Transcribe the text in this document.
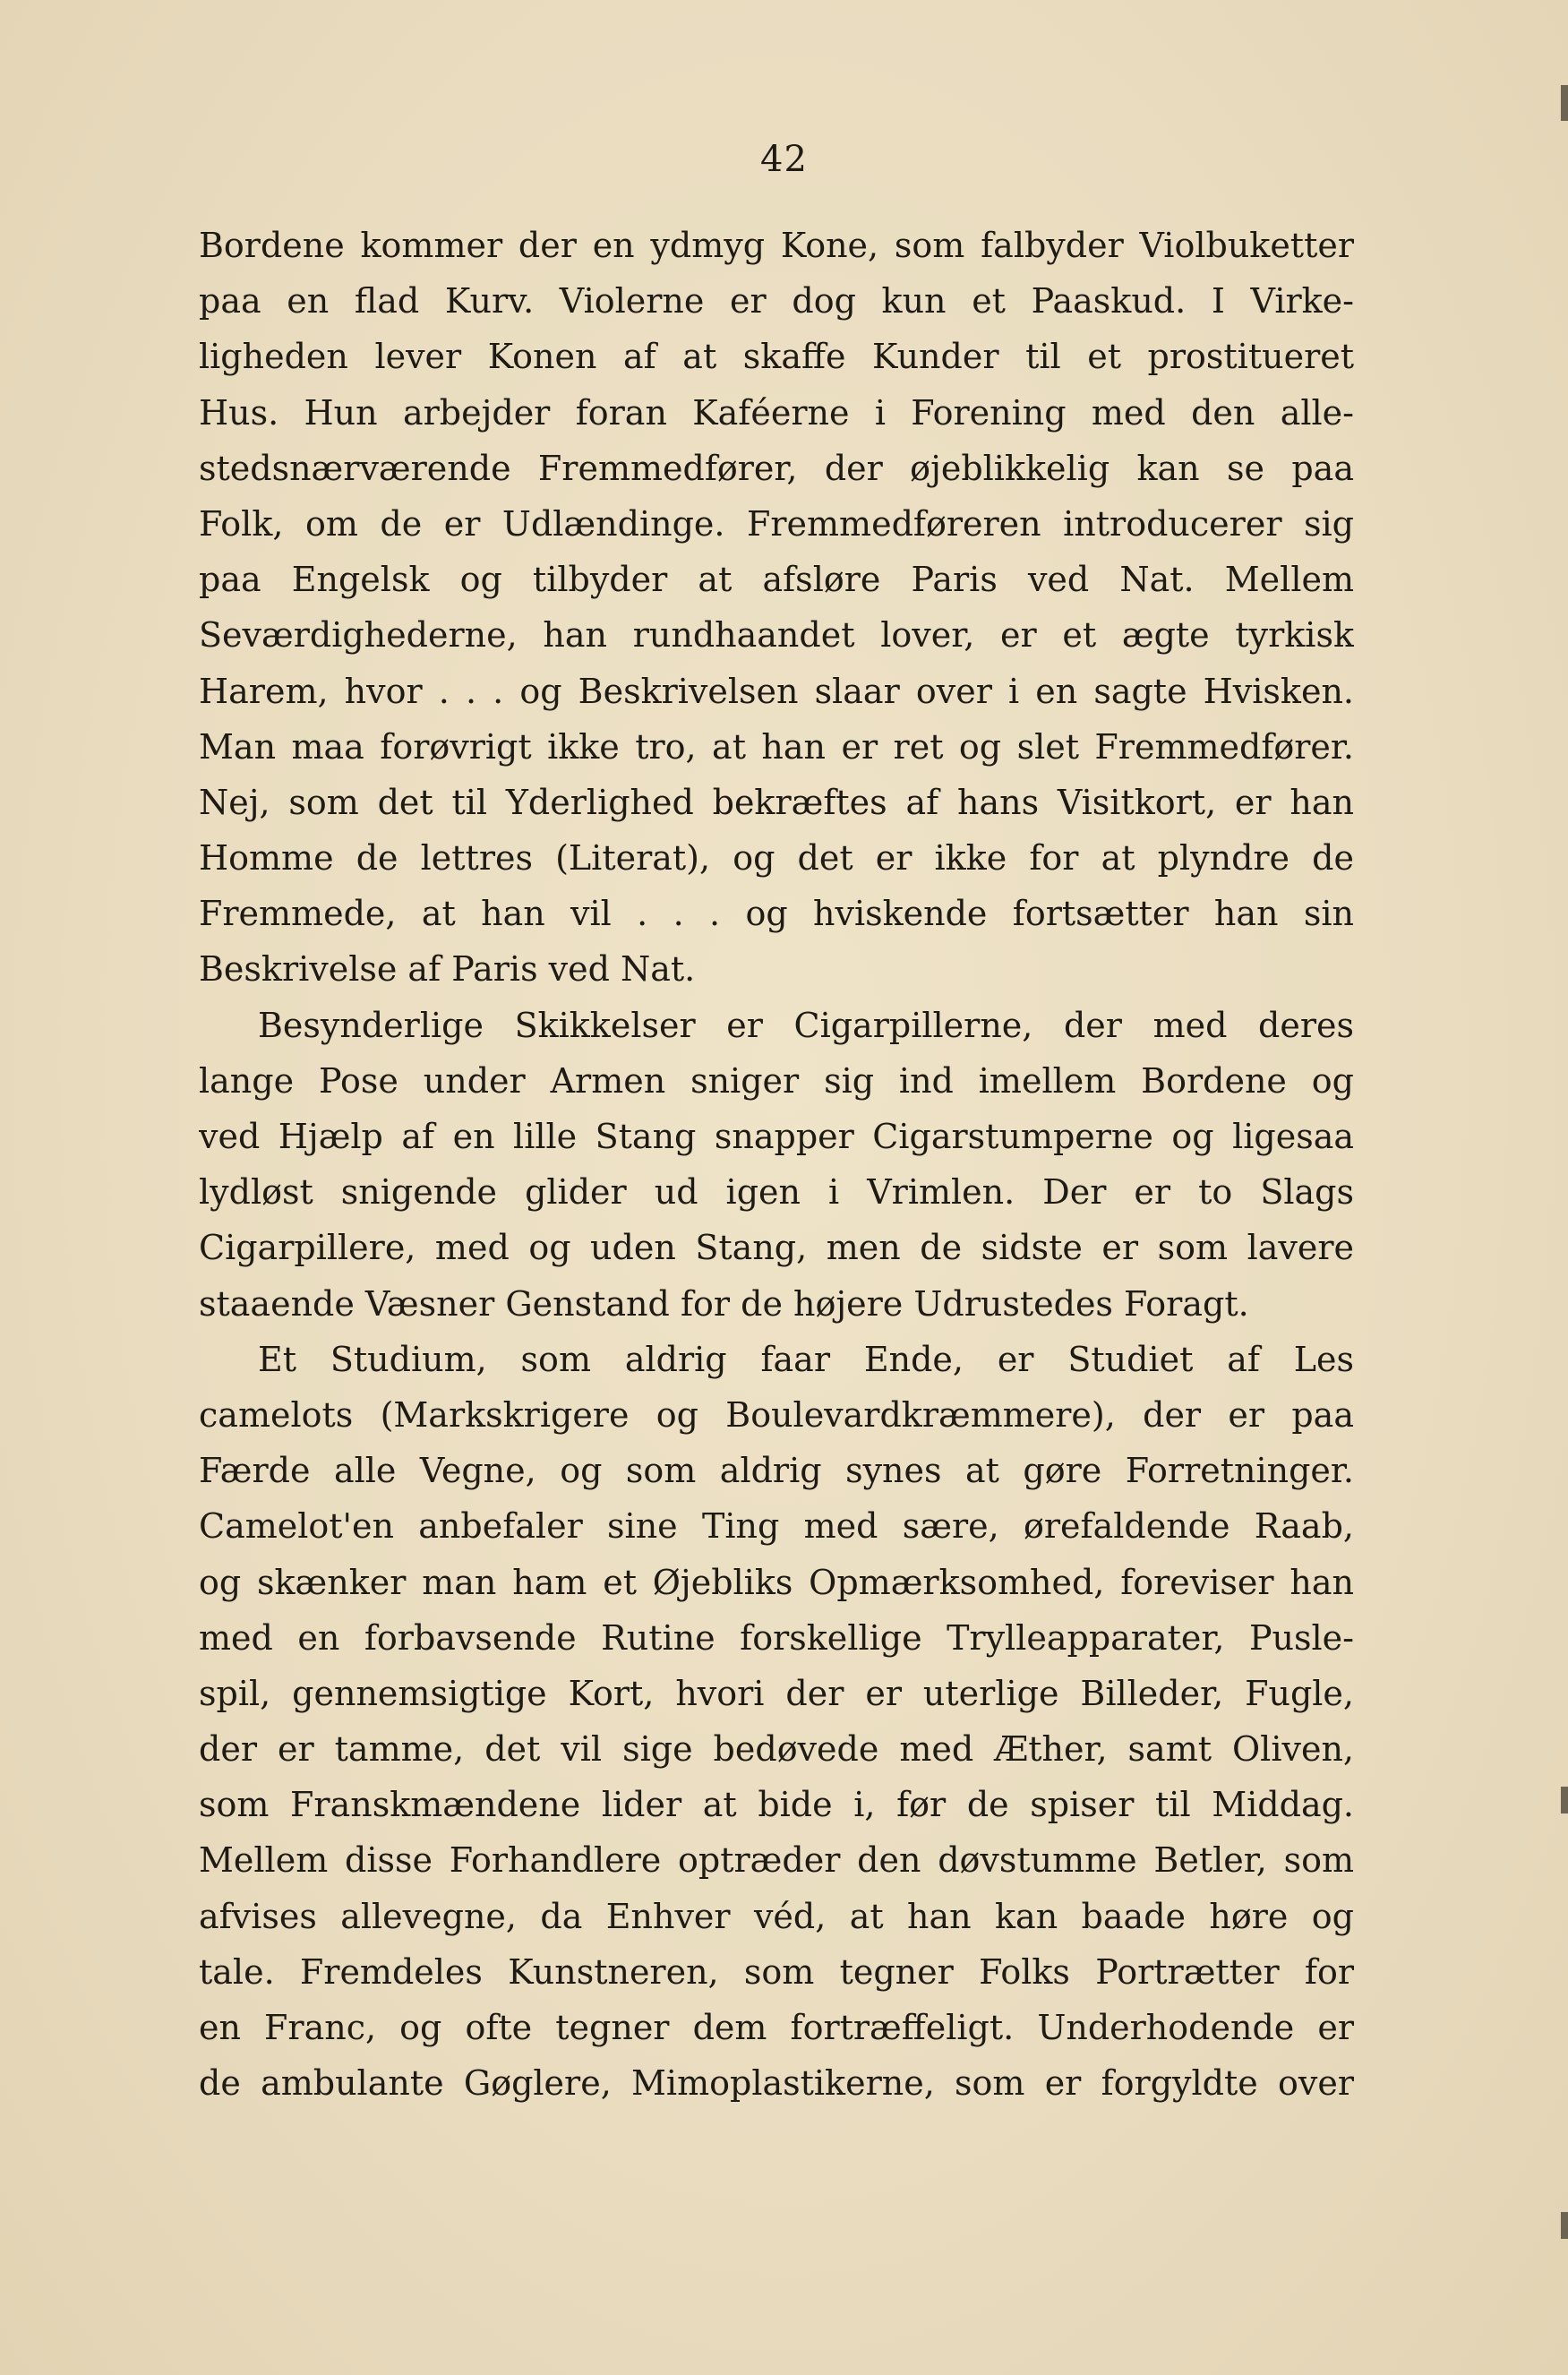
42
Bordene kommer der en ydmyg Kone, som falbyder Violbuketter
paa en flad Kurv. Violerne er dog kun et Paaskud. I Virke-
ligheden lever Konen af at skaffe Kunder til et prostitueret
Hus. Hun arbejder foran Kaféerne i Forening med den alle-
stedsnærværende Fremmedfører, der øjeblikkelig kan se paa
Folk, om de er Udlændinge. Fremmedføreren introducerer sig
paa Engelsk og tilbyder at afsløre Paris ved Nat. Mellem
Seværdighederne, han rundhaandet lover, er et ægte tyrkisk
Harem, hvor . . . og Beskrivelsen slaar over i en sagte Hvisken.
Man maa forøvrigt ikke tro, at han er ret og slet Fremmedfører.
Nej, som det til Yderlighed bekræftes af hans Visitkort, er han
Homme de lettres (Literat), og det er ikke for at plyndre de
Fremmede, at han vil . . . og hviskende fortsætter han sin
Beskrivelse af Paris ved Nat.
Besynderlige Skikkelser er Cigarpillerne, der med deres
lange Pose under Armen sniger sig ind imellem Bordene og
ved Hjælp af en lille Stang snapper Cigarstumperne og ligesaa
lydløst snigende glider ud igen i Vrimlen. Der er to Slags
Cigarpillere, med og uden Stang, men de sidste er som lavere
staaende Væsner Genstand for de højere Udrustedes Foragt.
Et Studium, som aldrig faar Ende, er Studiet af Les
camelots (Markskrigere og Boulevardkræmmere), der er paa
Færde alle Vegne, og som aldrig synes at gøre Forretninger.
Camelot'en anbefaler sine Ting med sære, ørefaldende Raab,
og skænker man ham et Øjebliks Opmærksomhed, foreviser han
med en forbavsende Rutine forskellige Trylleapparater, Pusle-
spil, gennemsigtige Kort, hvori der er uterlige Billeder, Fugle,
der er tamme, det vil sige bedøvede med Æther, samt Oliven,
som Franskmændene lider at bide i, før de spiser til Middag.
Mellem disse Forhandlere optræder den døvstumme Betler, som
afvises allevegne, da Enhver véd, at han kan baade høre og
tale. Fremdeles Kunstneren, som tegner Folks Portrætter for
en Franc, og ofte tegner dem fortræffeligt. Underhodende er
de ambulante Gøglere, Mimoplastikerne, som er forgyldte over
